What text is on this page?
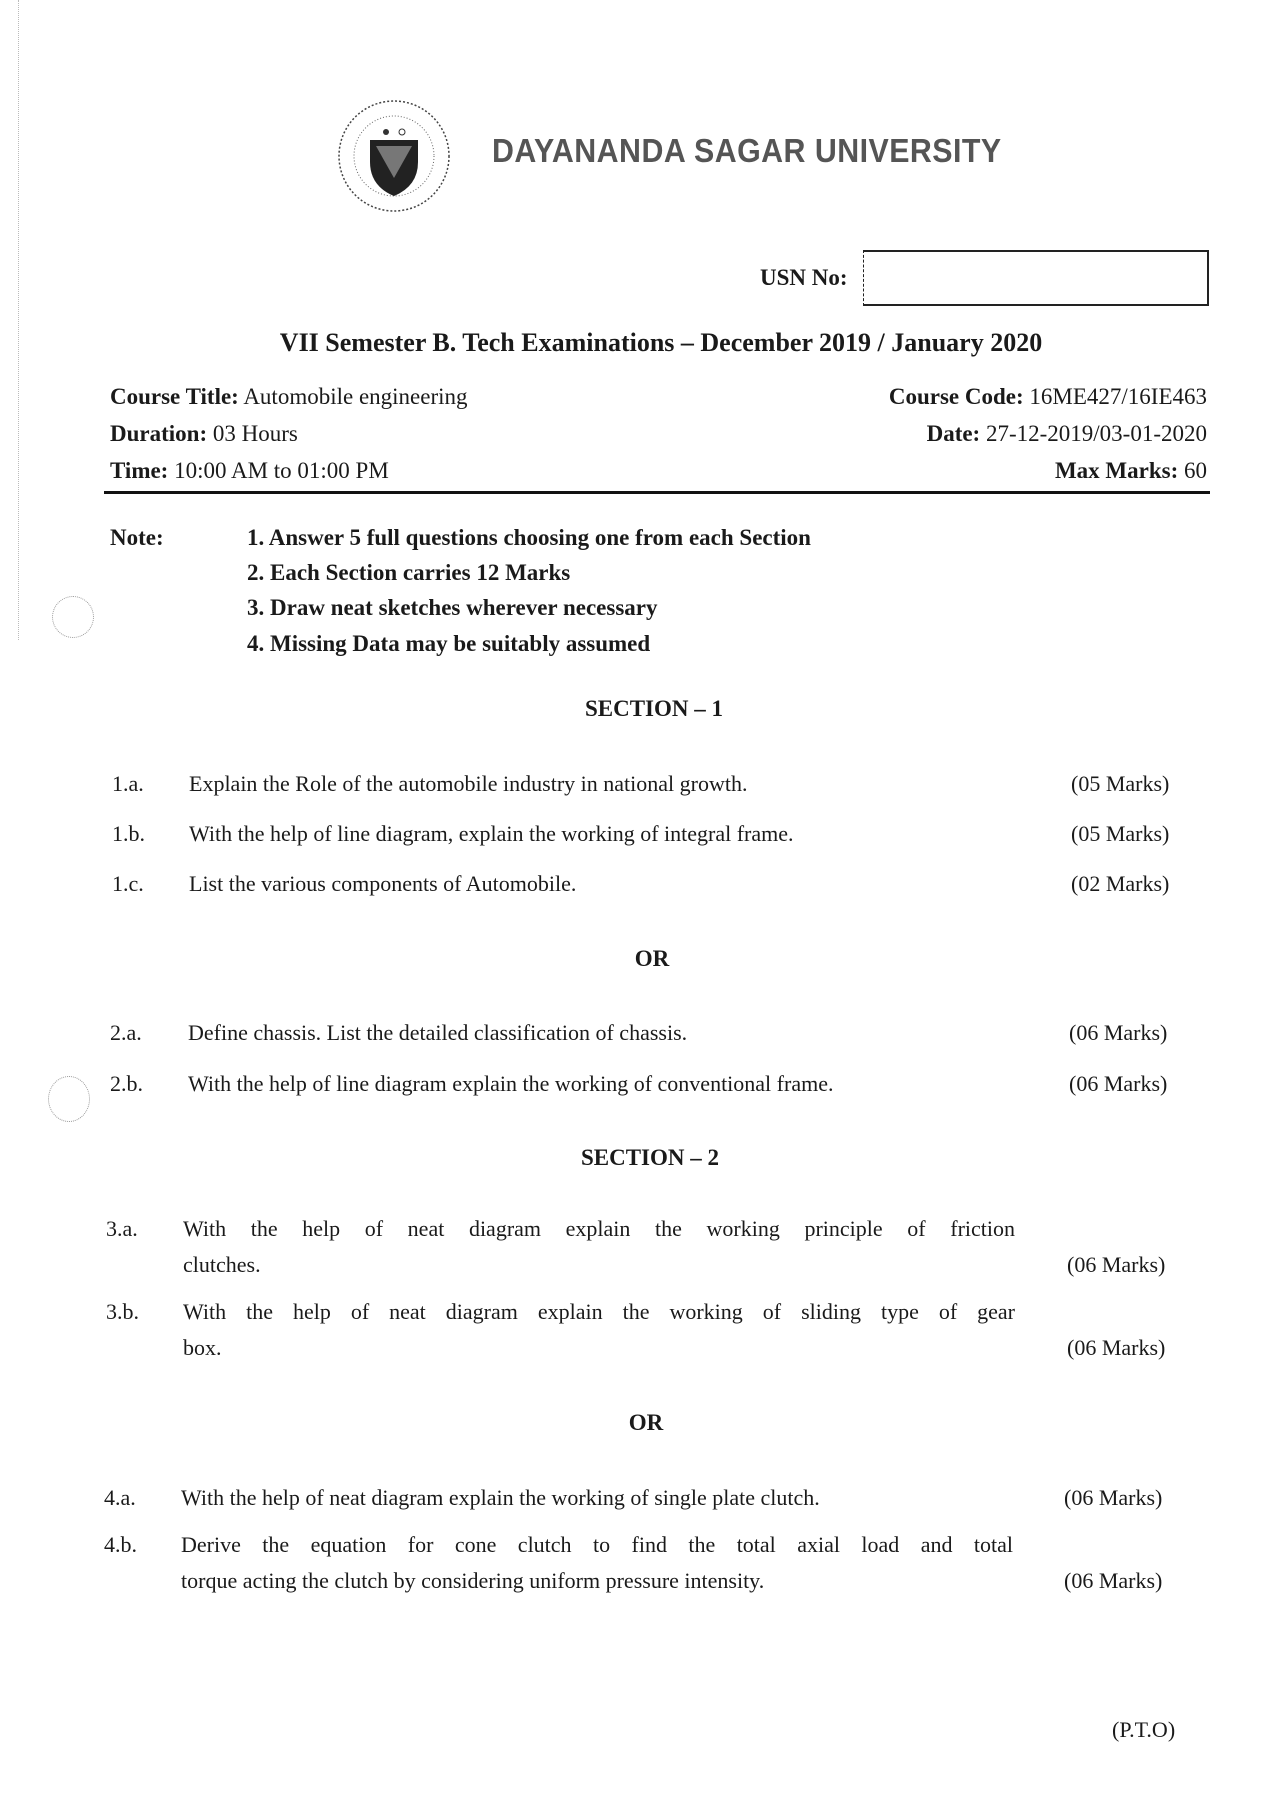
DAYANANDA SAGAR UNIVERSITY
USN No:
VII Semester B. Tech Examinations – December 2019 / January 2020
Course Title: Automobile engineering
Duration: 03 Hours
Time: 10:00 AM to 01:00 PM
Course Code: 16ME427/16IE463
Date: 27-12-2019/03-01-2020
Max Marks: 60
Note:	1. Answer 5 full questions choosing one from each Section
2. Each Section carries 12 Marks
3. Draw neat sketches wherever necessary
4. Missing Data may be suitably assumed
SECTION – 1
1.a. Explain the Role of the automobile industry in national growth.	(05 Marks)
1.b. With the help of line diagram, explain the working of integral frame.	(05 Marks)
1.c. List the various components of Automobile.	(02 Marks)
OR
2.a. Define chassis. List the detailed classification of chassis.	(06 Marks)
2.b. With the help of line diagram explain the working of conventional frame.	(06 Marks)
SECTION – 2
3.a. With the help of neat diagram explain the working principle of friction
clutches.	(06 Marks)
3.b. With the help of neat diagram explain the working of sliding type of gear
box.	(06 Marks)
OR
4.a. With the help of neat diagram explain the working of single plate clutch.	(06 Marks)
4.b. Derive the equation for cone clutch to find the total axial load and total
torque acting the clutch by considering uniform pressure intensity.	(06 Marks)
(P.T.O)
